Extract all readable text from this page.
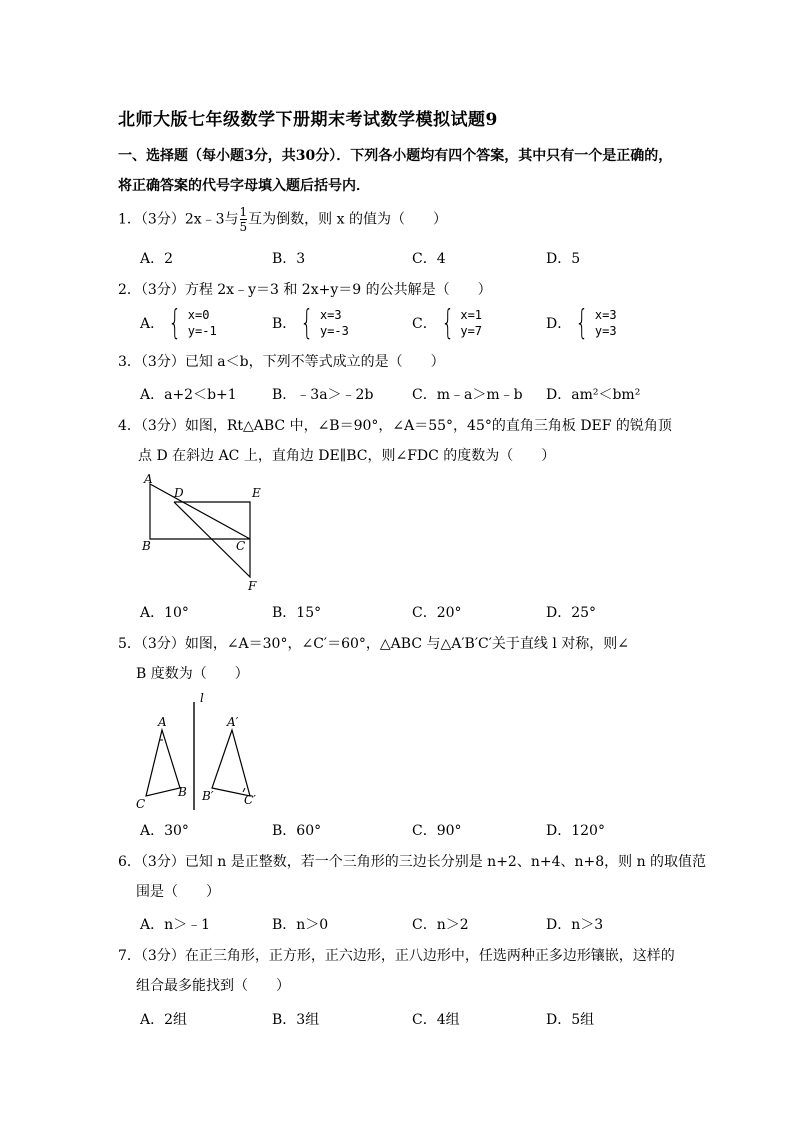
北师大版七年级数学下册期末考试数学模拟试题9
一、选择题（每小题3分，共30分）．下列各小题均有四个答案，其中只有一个是正确的，
将正确答案的代号字母填入题后括号内．
1．（3分）2x﹣3与 $\frac{1}{5}$ 互为倒数，则 x 的值为（　　）
A．2	B．3	C．4	D．5
2．（3分）方程 2x﹣y＝3 和 2x+y＝9 的公共解是（　　）
A． { x=0
y=-1	B． { x=3
y=-3	C． { x=1
y=7	D． { x=3
y=3
3．（3分）已知 a＜b，下列不等式成立的是（　　）
A．a+2＜b+1	B．﹣3a＞﹣2b	C．m﹣a＞m﹣b D．am²＜bm²
4．（3分）如图，Rt△ABC 中，∠B＝90°，∠A＝55°，45°的直角三角板 DEF 的锐角顶
点 D 在斜边 AC 上，直角边 DE∥BC，则∠FDC 的度数为（　　）
A
D	E
B	C
F
A．10°	B．15°	C．20°	D．25°
5．（3分）如图，∠A＝30°，∠C′＝60°，△ABC 与△A′B′C′关于直线 l 对称，则∠
B 度数为（　　）
l
A	A′
C
B B′	C′
A．30°	B．60°	C．90°	D．120°
6．（3分）已知 n 是正整数，若一个三角形的三边长分别是 n+2、n+4、n+8，则 n 的取值范
围是（　　）
A．n＞﹣1	B．n＞0	C．n＞2	D．n＞3
7．（3分）在正三角形，正方形，正六边形，正八边形中，任选两种正多边形镶嵌，这样的
组合最多能找到（　　）
A．2组	B．3组	C．4组	D．5组
